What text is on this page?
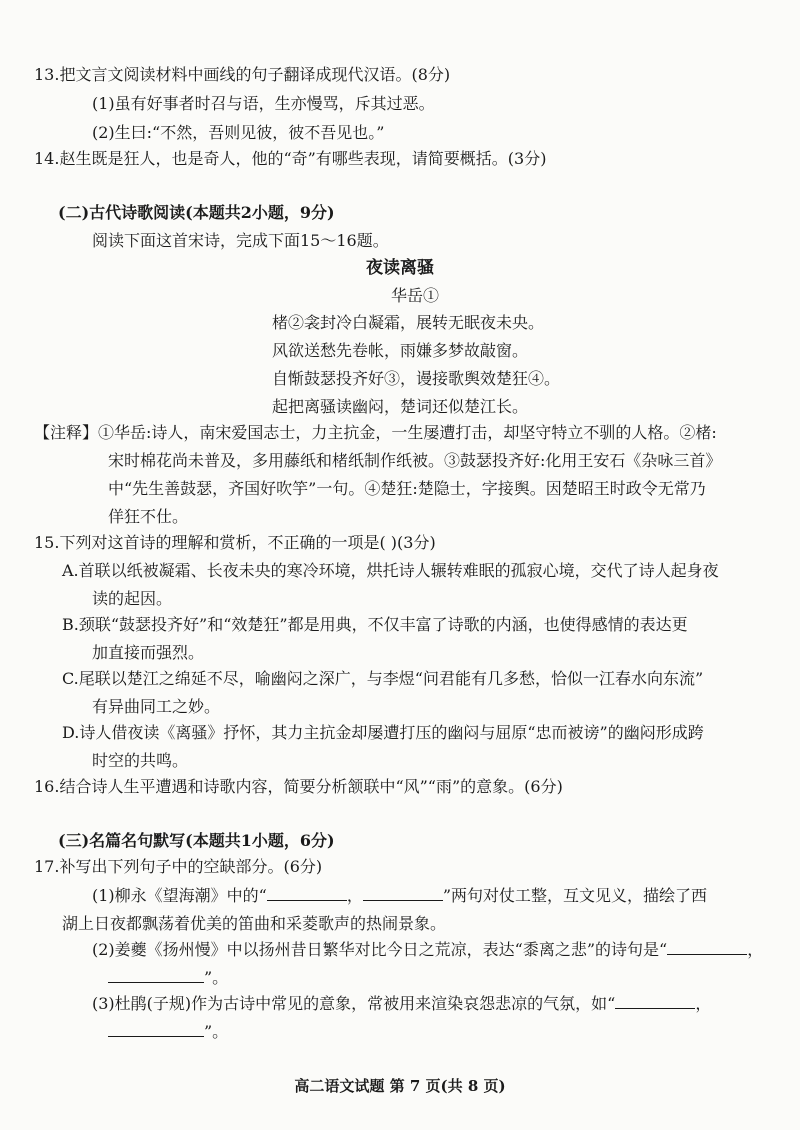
13.把文言文阅读材料中画线的句子翻译成现代汉语。(8分)
(1)虽有好事者时召与语，生亦慢骂，斥其过恶。
(2)生曰:“不然，吾则见彼，彼不吾见也。”
14.赵生既是狂人，也是奇人，他的“奇”有哪些表现，请简要概括。(3分)
(二)古代诗歌阅读(本题共2小题，9分)
阅读下面这首宋诗，完成下面15～16题。
夜读离骚
华岳①
楮②衾封冷白凝霜，展转无眠夜未央。
风欲送愁先卷帐，雨嫌多梦故敲窗。
自惭鼓瑟投齐好③，谩接歌舆效楚狂④。
起把离骚读幽闷，楚词还似楚江长。
【注释】①华岳:诗人，南宋爱国志士，力主抗金，一生屡遭打击，却坚守特立不驯的人格。②楮:
宋时棉花尚未普及，多用藤纸和楮纸制作纸被。③鼓瑟投齐好:化用王安石《杂咏三首》
中“先生善鼓瑟，齐国好吹竽”一句。④楚狂:楚隐士，字接舆。因楚昭王时政令无常乃
佯狂不仕。
15.下列对这首诗的理解和赏析，不正确的一项是( )(3分)
A.首联以纸被凝霜、长夜未央的寒冷环境，烘托诗人辗转难眠的孤寂心境，交代了诗人起身夜
读的起因。
B.颈联“鼓瑟投齐好”和“效楚狂”都是用典，不仅丰富了诗歌的内涵，也使得感情的表达更
加直接而强烈。
C.尾联以楚江之绵延不尽，喻幽闷之深广，与李煜“问君能有几多愁，恰似一江春水向东流”
有异曲同工之妙。
D.诗人借夜读《离骚》抒怀，其力主抗金却屡遭打压的幽闷与屈原“忠而被谤”的幽闷形成跨
时空的共鸣。
16.结合诗人生平遭遇和诗歌内容，简要分析颔联中“风”“雨”的意象。(6分)
(三)名篇名句默写(本题共1小题，6分)
17.补写出下列句子中的空缺部分。(6分)
(1)柳永《望海潮》中的“	，	”两句对仗工整，互文见义，描绘了西
湖上日夜都飘荡着优美的笛曲和采菱歌声的热闹景象。
(2)姜夔《扬州慢》中以扬州昔日繁华对比今日之荒凉，表达“黍离之悲”的诗句是“	，
”。
(3)杜鹃(子规)作为古诗中常见的意象，常被用来渲染哀怨悲凉的气氛，如“	，
”。
高二语文试题 第 7 页(共 8 页)
